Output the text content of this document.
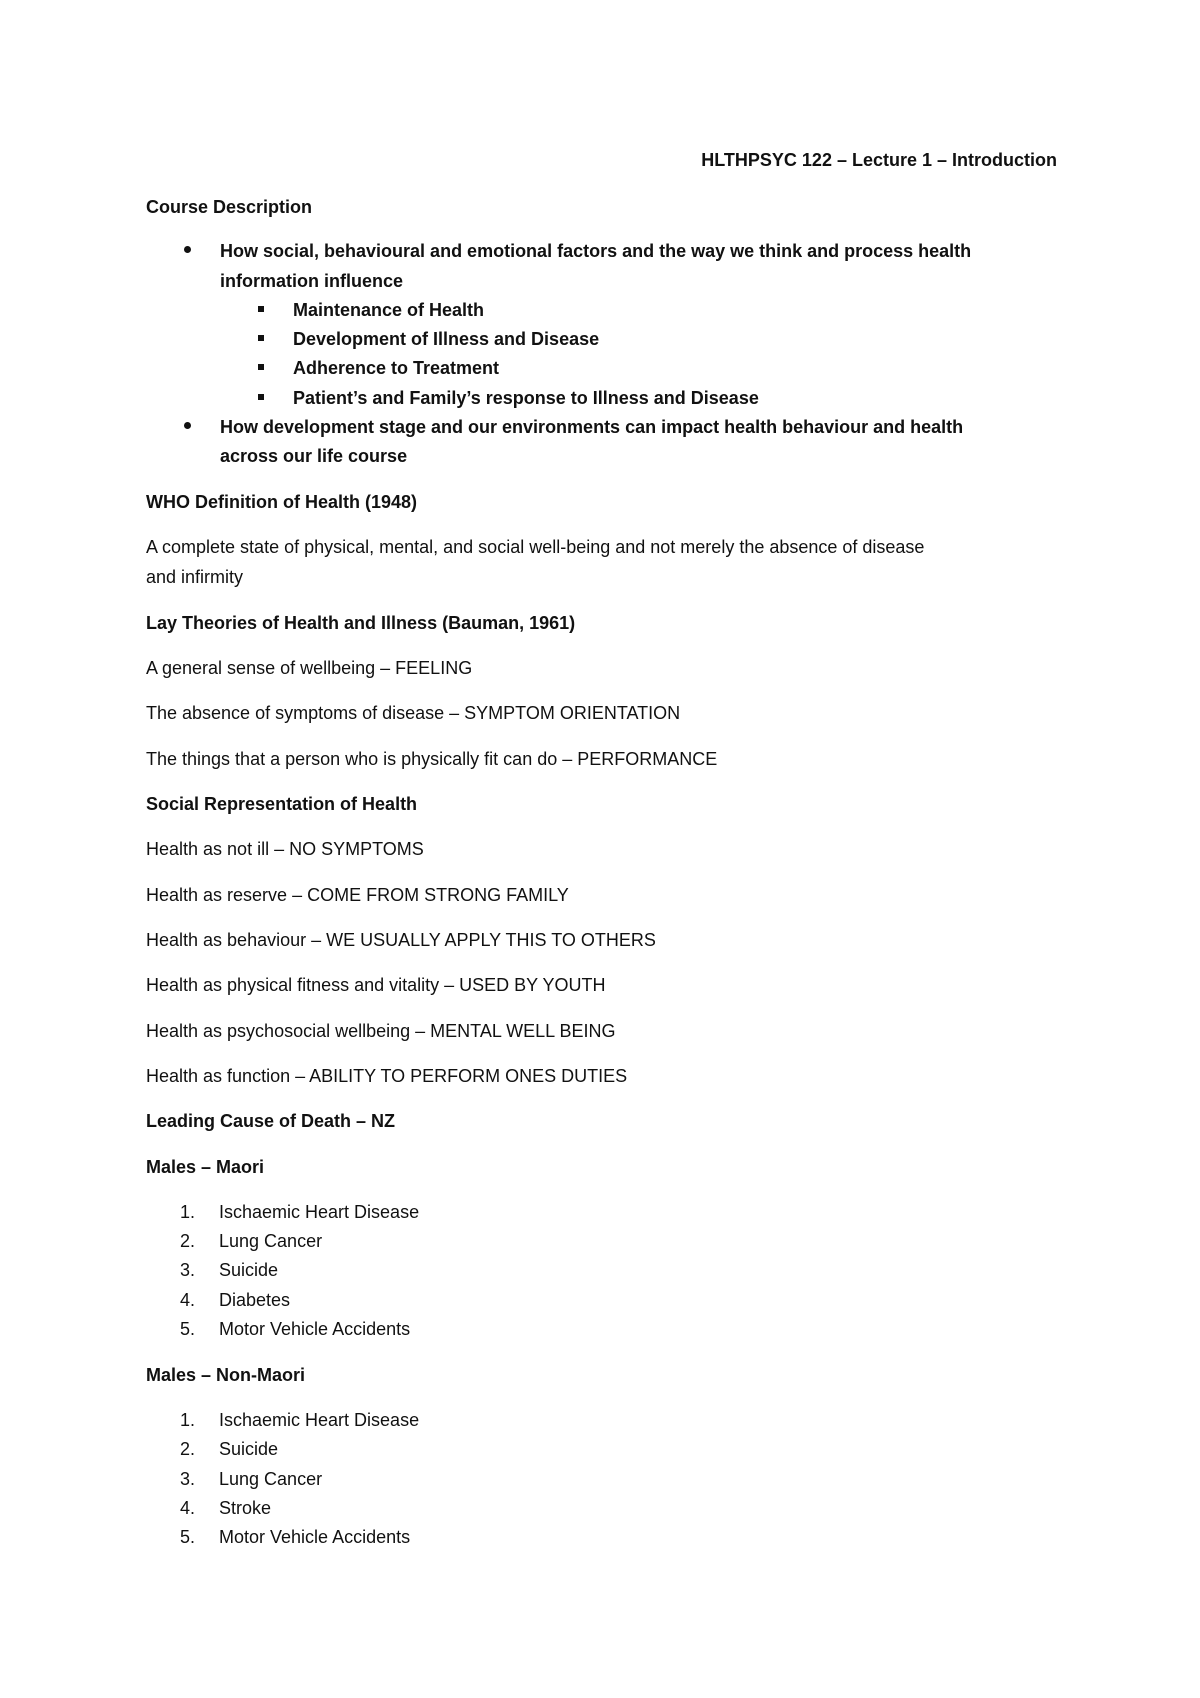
HLTHPSYC 122 – Lecture 1 – Introduction
Course Description
How social, behavioural and emotional factors and the way we think and process health
information influence
Maintenance of Health
Development of Illness and Disease
Adherence to Treatment
Patient’s and Family’s response to Illness and Disease
How development stage and our environments can impact health behaviour and health
across our life course
WHO Definition of Health (1948)
A complete state of physical, mental, and social well-being and not merely the absence of disease
and infirmity
Lay Theories of Health and Illness (Bauman, 1961)
A general sense of wellbeing – FEELING
The absence of symptoms of disease – SYMPTOM ORIENTATION
The things that a person who is physically fit can do – PERFORMANCE
Social Representation of Health
Health as not ill – NO SYMPTOMS
Health as reserve – COME FROM STRONG FAMILY
Health as behaviour – WE USUALLY APPLY THIS TO OTHERS
Health as physical fitness and vitality – USED BY YOUTH
Health as psychosocial wellbeing – MENTAL WELL BEING
Health as function – ABILITY TO PERFORM ONES DUTIES
Leading Cause of Death – NZ
Males – Maori
1. Ischaemic Heart Disease
2. Lung Cancer
3. Suicide
4. Diabetes
5. Motor Vehicle Accidents
Males – Non-Maori
1. Ischaemic Heart Disease
2. Suicide
3. Lung Cancer
4. Stroke
5. Motor Vehicle Accidents
